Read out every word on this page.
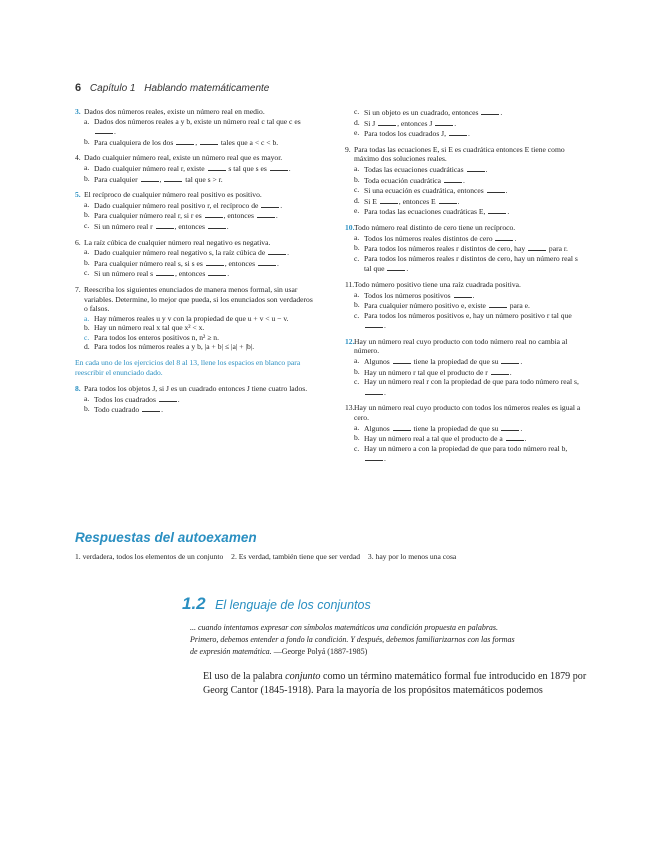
6 Capítulo 1 Hablando matemáticamente
3. Dados dos números reales, existe un número real en medio.
a. Dados dos números reales a y b, existe un número real c tal que c es .
b. Para cualquiera de los dos	,	tales que a < c < b.
4. Dado cualquier número real, existe un número real que es mayor.
a. Dado cualquier número real r, existe	s tal que s es	.
b. Para cualquier	,	tal que s > r.
5. El recíproco de cualquier número real positivo es positivo.
a. Dado cualquier número real positivo r, el recíproco de	.
b. Para cualquier número real r, si r es	, entonces	.
c. Si un número real r	, entonces	.
6. La raíz cúbica de cualquier número real negativo es negativa.
a. Dado cualquier número real negativo s, la raíz cúbica de	.
b. Para cualquier número real s, si s es	, entonces	.
c. Si un número real s	, entonces	.
7. Reescriba los siguientes enunciados de manera menos formal, sin usar variables. Determine, lo mejor que pueda, si los enunciados son verdaderos o falsos.
a. Hay números reales u y v con la propiedad de que u + v < u − v.
b. Hay un número real x tal que x² < x.
c. Para todos los enteros positivos n, n² ≥ n.
d. Para todos los números reales a y b, |a + b| ≤ |a| + |b|.
En cada uno de los ejercicios del 8 al 13, llene los espacios en blanco para reescribir el enunciado dado.
8. Para todos los objetos J, si J es un cuadrado entonces J tiene cuatro lados.
a. Todos los cuadrados	.
b. Todo cuadrado	.
c. Si un objeto es un cuadrado, entonces	.
d. Si J	, entonces J	.
e. Para todos los cuadrados J,	.
9. Para todas las ecuaciones E, si E es cuadrática entonces E tiene como máximo dos soluciones reales.
a. Todas las ecuaciones cuadráticas	.
b. Toda ecuación cuadrática	.
c. Si una ecuación es cuadrática, entonces	.
d. Si E	, entonces E	.
e. Para todas las ecuaciones cuadráticas E,	.
10. Todo número real distinto de cero tiene un recíproco.
a. Todos los números reales distintos de cero	.
b. Para todos los números reales r distintos de cero, hay	para r.
c. Para todos los números reales r distintos de cero, hay un número real s tal que	.
11. Todo número positivo tiene una raíz cuadrada positiva.
a. Todos los números positivos	.
b. Para cualquier número positivo e, existe	para e.
c. Para todos los números positivos e, hay un número positivo r tal que .
12. Hay un número real cuyo producto con todo número real no cambia al número.
a. Algunos	tiene la propiedad de que su	.
b. Hay un número r tal que el producto de r	.
c. Hay un número real r con la propiedad de que para todo número real s, .
13. Hay un número real cuyo producto con todos los números reales es igual a cero.
a. Algunos	tiene la propiedad de que su	.
b. Hay un número real a tal que el producto de a	.
c. Hay un número a con la propiedad de que para todo número real b, .
Respuestas del autoexamen
1. verdadera, todos los elementos de un conjunto 2. Es verdad, también tiene que ser verdad 3. hay por lo menos una cosa
1.2 El lenguaje de los conjuntos
... cuando intentamos expresar con símbolos matemáticos una condición propuesta en palabras. Primero, debemos entender a fondo la condición. Y después, debemos familiarizarnos con las formas de expresión matemática. —George Polyá (1887-1985)
El uso de la palabra conjunto como un término matemático formal fue introducido en 1879 por Georg Cantor (1845-1918). Para la mayoría de los propósitos matemáticos podemos
